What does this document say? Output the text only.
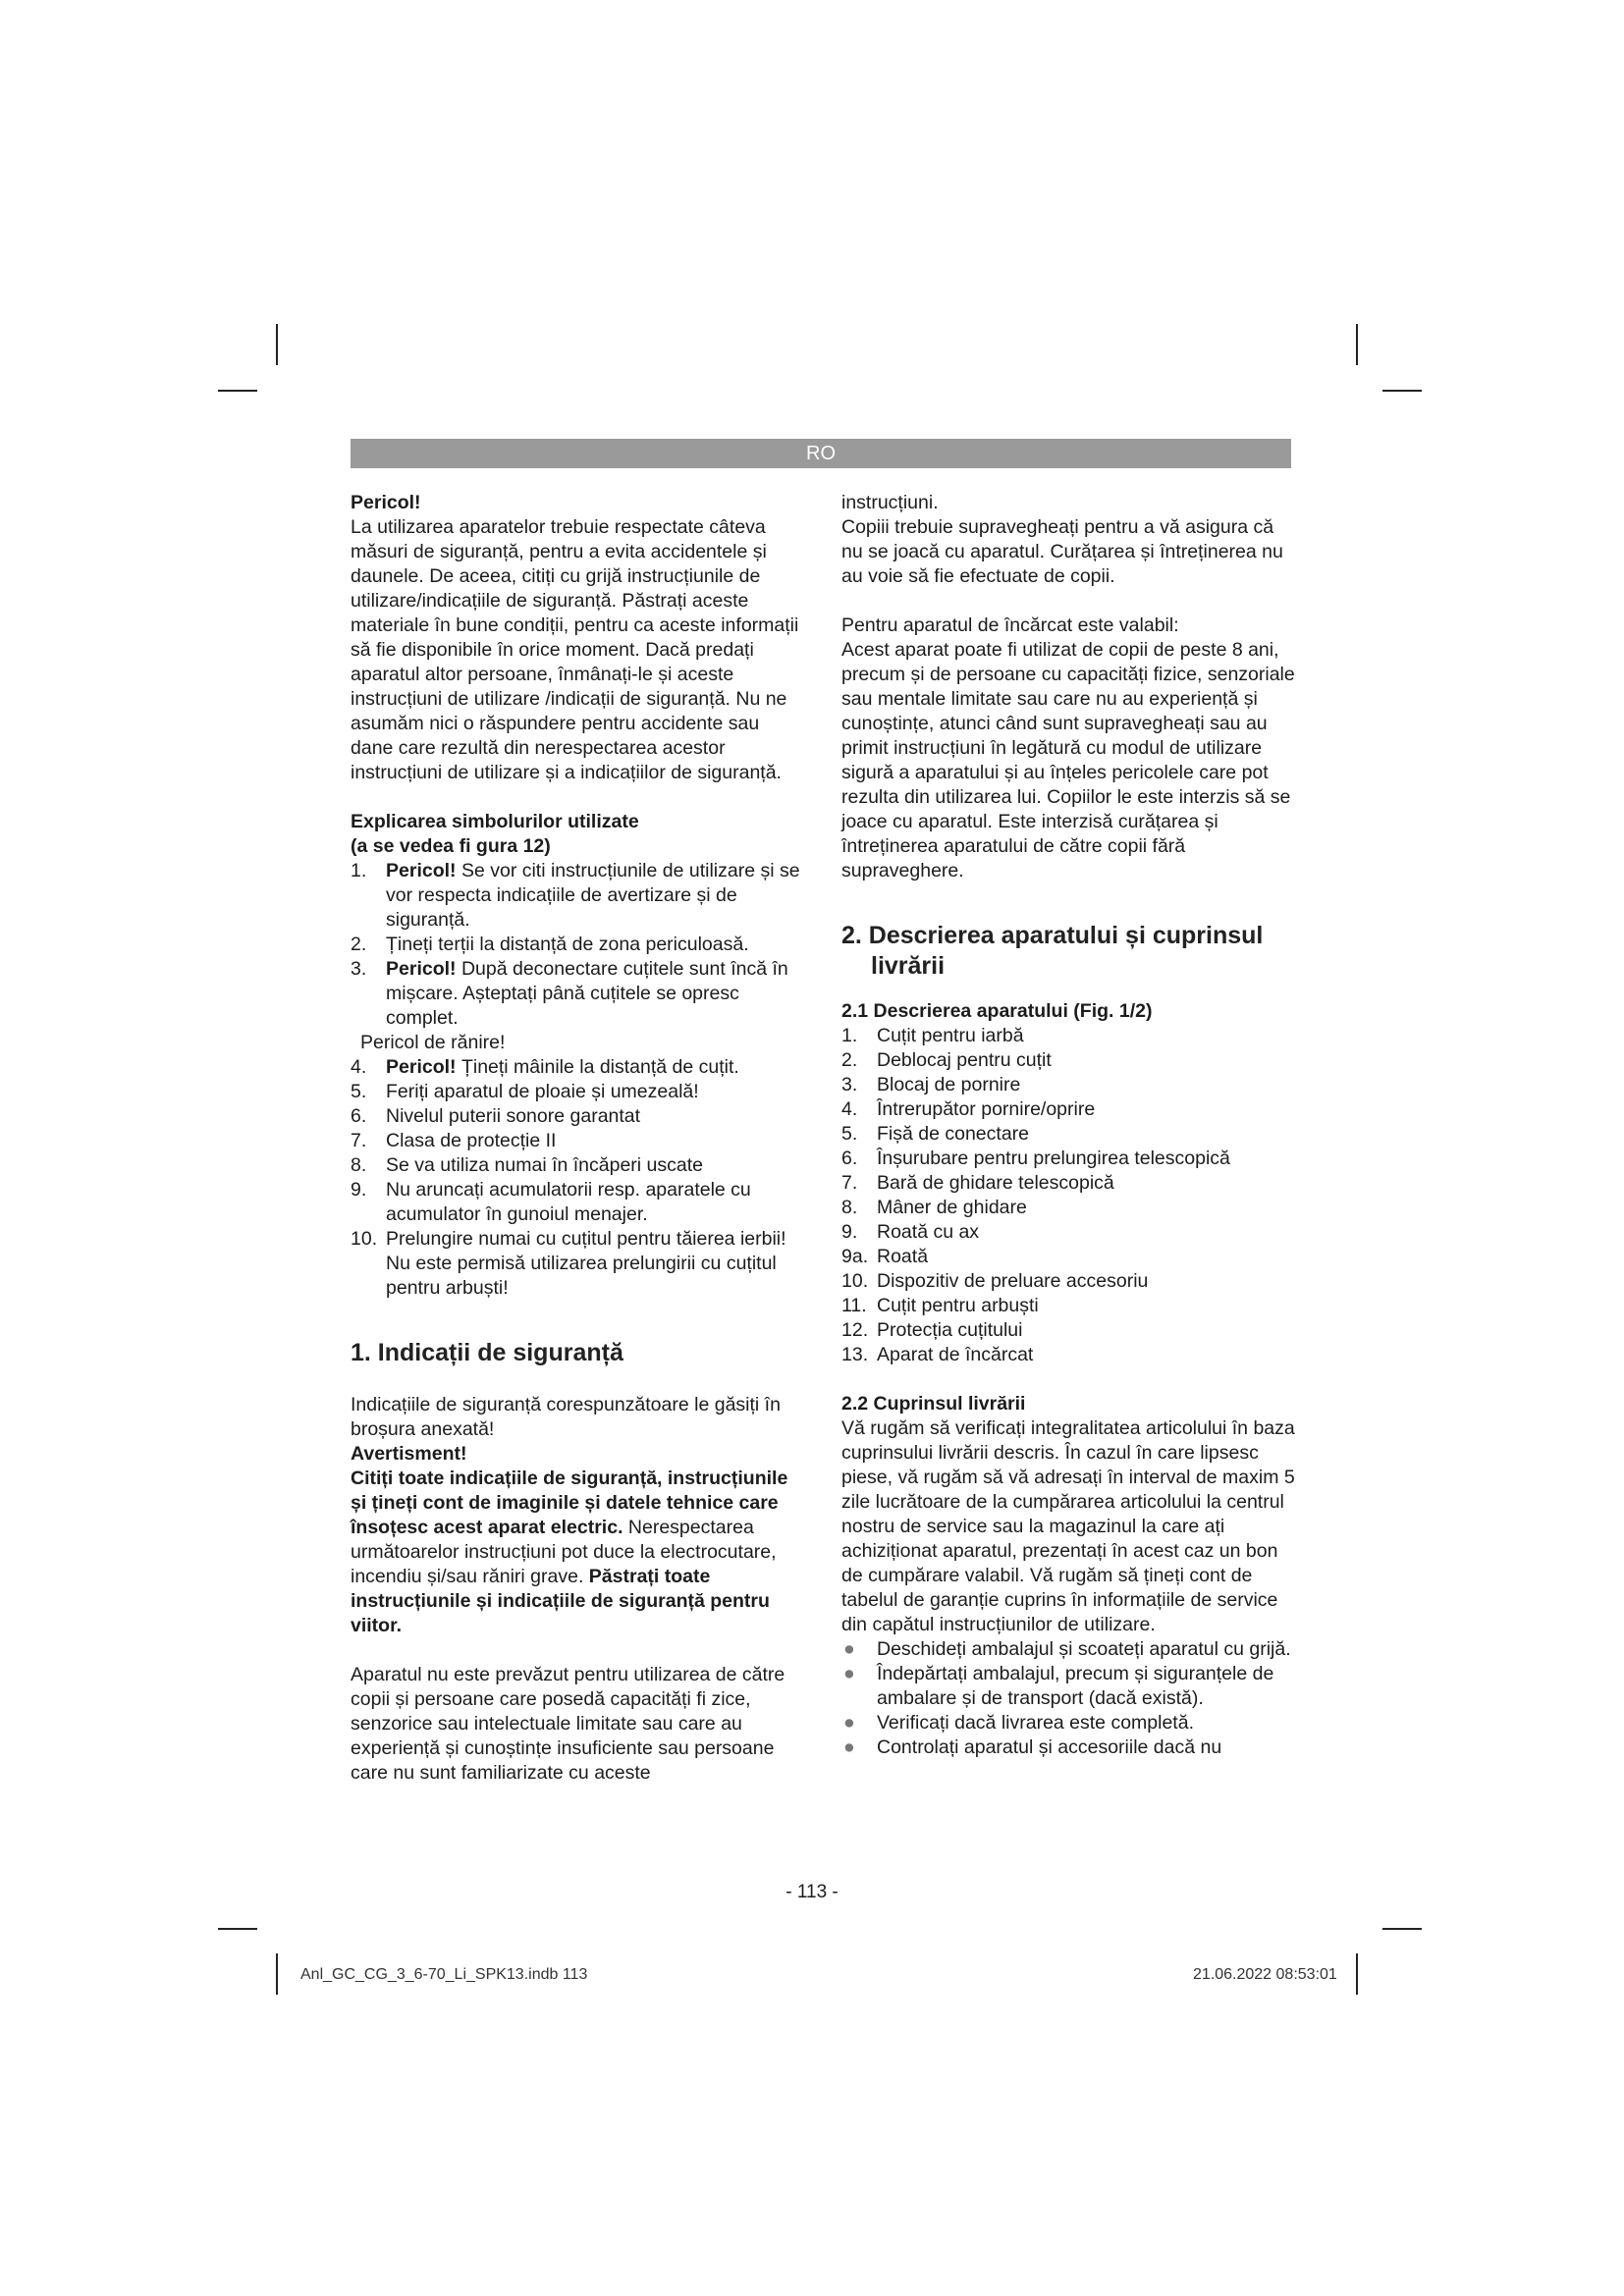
RO

Pericol!

La utilizarea aparatelor trebuie respectate câteva măsuri de siguranță, pentru a evita accidentele și daunele. De aceea, citiți cu grijă instrucțiunile de utilizare/indicațiile de siguranță. Păstrați aceste materiale în bune condiții, pentru ca aceste informații să fie disponibile în orice moment. Dacă predați aparatul altor persoane, înmânați-le și aceste instrucțiuni de utilizare /indicații de siguranță. Nu ne asumăm nici o răspundere pentru accidente sau dane care rezultă din nerespectarea acestor instrucțiuni de utilizare și a indicațiilor de siguranță.

Explicarea simbolurilor utilizate

(a se vedea fi gura 12)

1. Pericol! Se vor citi instrucțiunile de utilizare și se vor respecta indicațiile de avertizare și de siguranță.
2. Țineți terții la distanță de zona periculoasă.
3. Pericol! După deconectare cuțitele sunt încă în mișcare. Așteptați până cuțitele se opresc complet.
Pericol de rănire!
4. Pericol! Țineți mâinile la distanță de cuțit.
5. Feriți aparatul de ploaie și umezeală!
6. Nivelul puterii sonore garantat
7. Clasa de protecție II
8. Se va utiliza numai în încăperi uscate
9. Nu aruncați acumulatorii resp. aparatele cu acumulator în gunoiul menajer.
10. Prelungire numai cu cuțitul pentru tăierea ierbii! Nu este permisă utilizarea prelungirii cu cuțitul pentru arbuști!

1. Indicații de siguranță

Indicațiile de siguranță corespunzătoare le găsiți în broșura anexată!

Avertisment!

Citiți toate indicațiile de siguranță, instrucțiunile și țineți cont de imaginile și datele tehnice care însoțesc acest aparat electric. Nerespectarea următoarelor instrucțiuni pot duce la electrocutare, incendiu și/sau răniri grave. Păstrați toate instrucțiunile și indicațiile de siguranță pentru viitor.

Aparatul nu este prevăzut pentru utilizarea de către copii și persoane care posedă capacități fi zice, senzorice sau intelectuale limitate sau care au experiență și cunoștințe insuficiente sau persoane care nu sunt familiarizate cu aceste

instrucțiuni.

Copiii trebuie supravegheați pentru a vă asigura că nu se joacă cu aparatul. Curățarea și întreținerea nu au voie să fie efectuate de copii.

Pentru aparatul de încărcat este valabil:

Acest aparat poate fi utilizat de copii de peste 8 ani, precum și de persoane cu capacități fizice, senzoriale sau mentale limitate sau care nu au experiență și cunoștințe, atunci când sunt supravegheați sau au primit instrucțiuni în legătură cu modul de utilizare sigură a aparatului și au înțeles pericolele care pot rezulta din utilizarea lui. Copiilor le este interzis să se joace cu aparatul. Este interzisă curățarea și întreținerea aparatului de către copii fără supraveghere.

2. Descrierea aparatului și cuprinsul livrării

2.1 Descrierea aparatului (Fig. 1/2)

1.	Cuțit pentru iarbă
2.	Deblocaj pentru cuțit
3.	Blocaj de pornire
4.	Întrerupător pornire/oprire
5.	Fișă de conectare
6.	Înșurubare pentru prelungirea telescopică
7.	Bară de ghidare telescopică
8.	Mâner de ghidare
9.	Roată cu ax
9a. Roată
10. Dispozitiv de preluare accesoriu
11. Cuțit pentru arbuști
12. Protecția cuțitului
13. Aparat de încărcat

2.2 Cuprinsul livrării

Vă rugăm să verificați integralitatea articolului în baza cuprinsului livrării descris. În cazul în care lipsesc piese, vă rugăm să vă adresați în interval de maxim 5 zile lucrătoare de la cumpărarea articolului la centrul nostru de service sau la magazinul la care ați achiziționat aparatul, prezentați în acest caz un bon de cumpărare valabil. Vă rugăm să țineți cont de tabelul de garanție cuprins în informațiile de service din capătul instrucțiunilor de utilizare.

● Deschideți ambalajul și scoateți aparatul cu grijă.
● Îndepărtați ambalajul, precum și siguranțele de ambalare și de transport (dacă există).
● Verificați dacă livrarea este completă.
● Controlați aparatul și accesoriile dacă nu
- 113 -
Anl_GC_CG_3_6-70_Li_SPK13.indb 113	21.06.2022 08:53:01
